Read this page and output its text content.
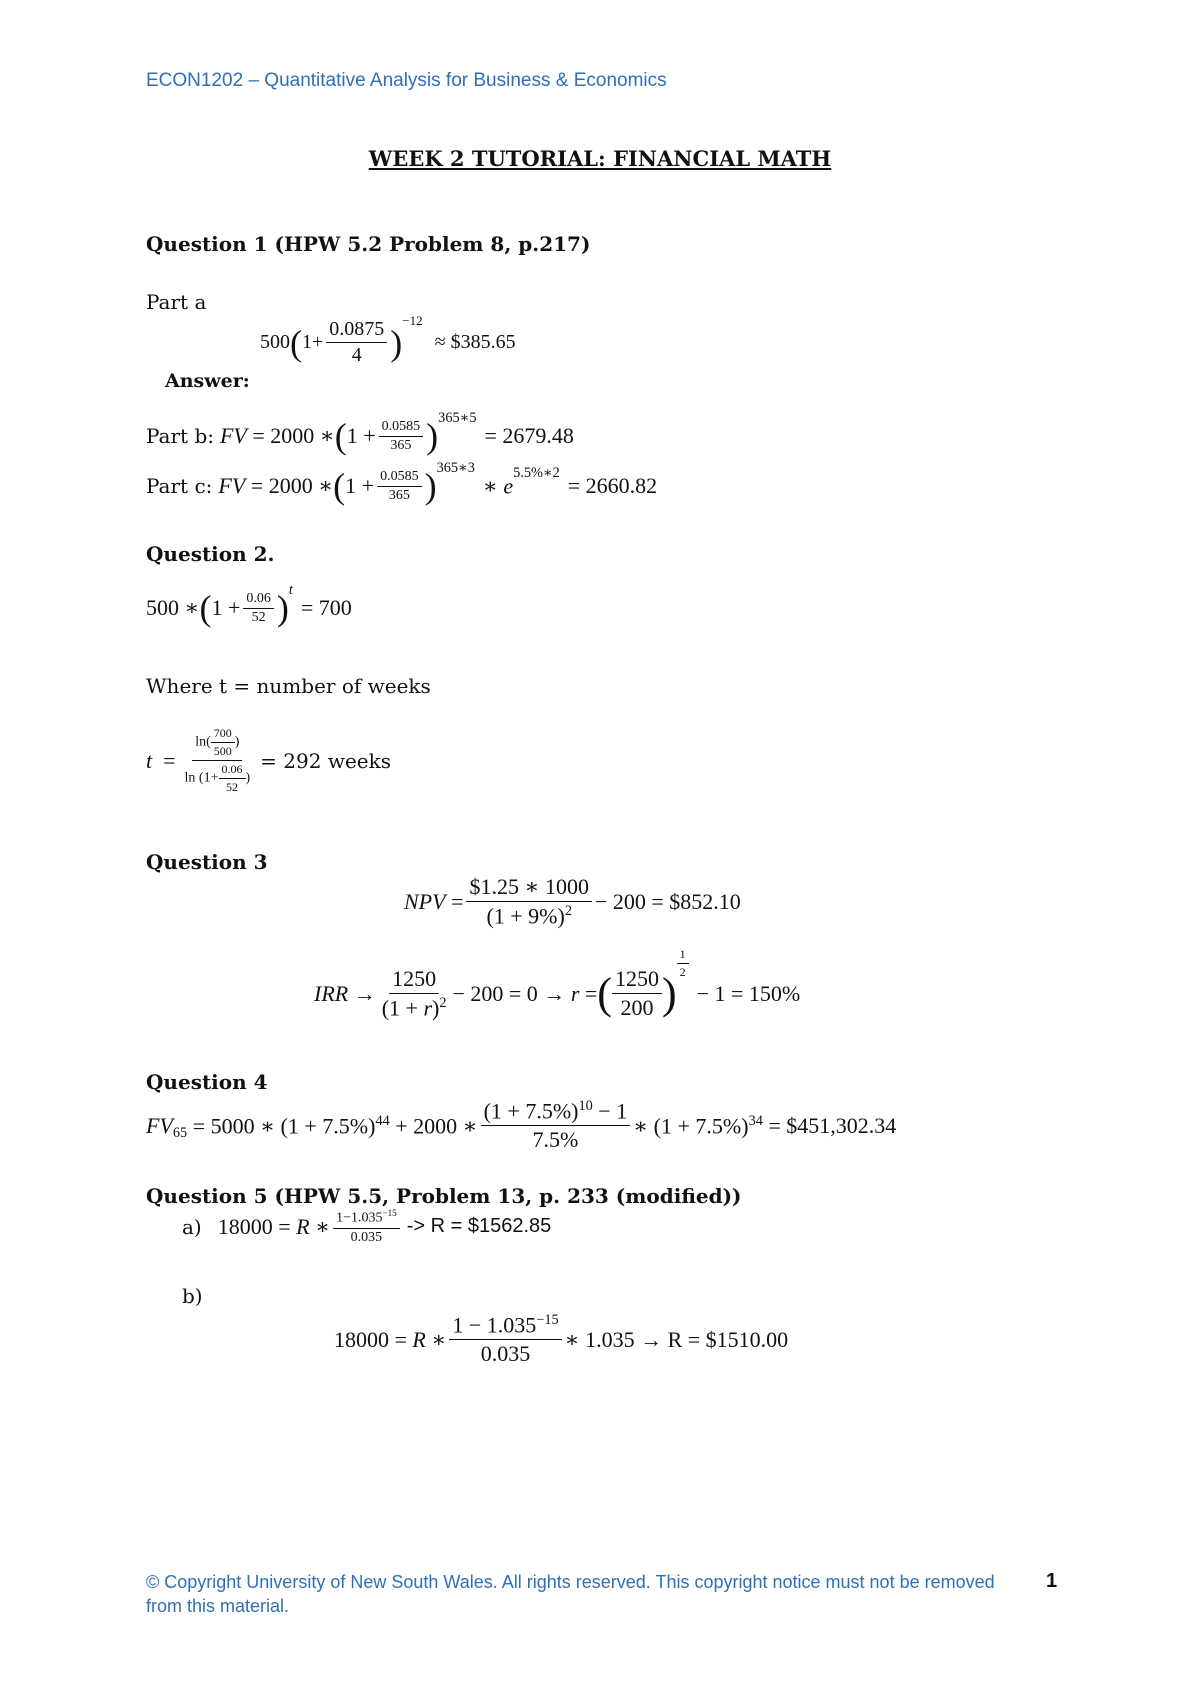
ECON1202 – Quantitative Analysis for Business & Economics
WEEK 2 TUTORIAL: FINANCIAL MATH
Question 1 (HPW 5.2 Problem 8, p.217)
Part a
500 ( $1+ \frac{0.0875}{4}$ )
$^{-12}$
≈ $385.65
Answer:
Part b: FV = 2000 ∗ ( $1 + \frac{0.0585}{365} )^{365∗5}$
= 2679.48
Part c: FV = 2000 ∗ ( $1 + \frac{0.0585}{365} )^{365∗3}$
∗ $e^{5.5\%∗2}$
= 2660.82
Question 2.
500 ∗ ( $1 + \frac{0.06}{52} )^t$
= 700
Where t = number of weeks
$t = \frac{\ln( \frac{700}{500} )}{\ln (1+ \frac{0.06}{52} )} = 292$ weeks
Question 3
NPV = $\frac{\$1.25 ∗ 1000}{(1 + 9\%)^2} - 200$ = $852.10
IRR → $\frac{1250}{(1 + r)^2} - 200 = 0 \to r$ = ( $\frac{1250}{200}$ )
$\frac{1}{2}$
− 1 = 150%
Question 4
$FV_{65} = 5000$ ∗ $(1 + 7.5\%)^{44} + 2000$ ∗ $\frac{(1 + 7.5\%)^{10} - 1}{7.5\%}$ ∗ $(1 + 7.5\%)^{34}$ = $451,302.34
Question 5 (HPW 5.5, Problem 13, p. 233 (modified))
a) 18000 = R ∗ $\frac{1-1.035^{-15}}{0.035} -> R$ = $1562.85
b)
18000 = R ∗ $\frac{1 - 1.035^{-15}}{0.035}$ ∗ 1.035 → R = $1510.00
© Copyright University of New South Wales. All rights reserved. This copyright notice must not be removed from this material.
1
